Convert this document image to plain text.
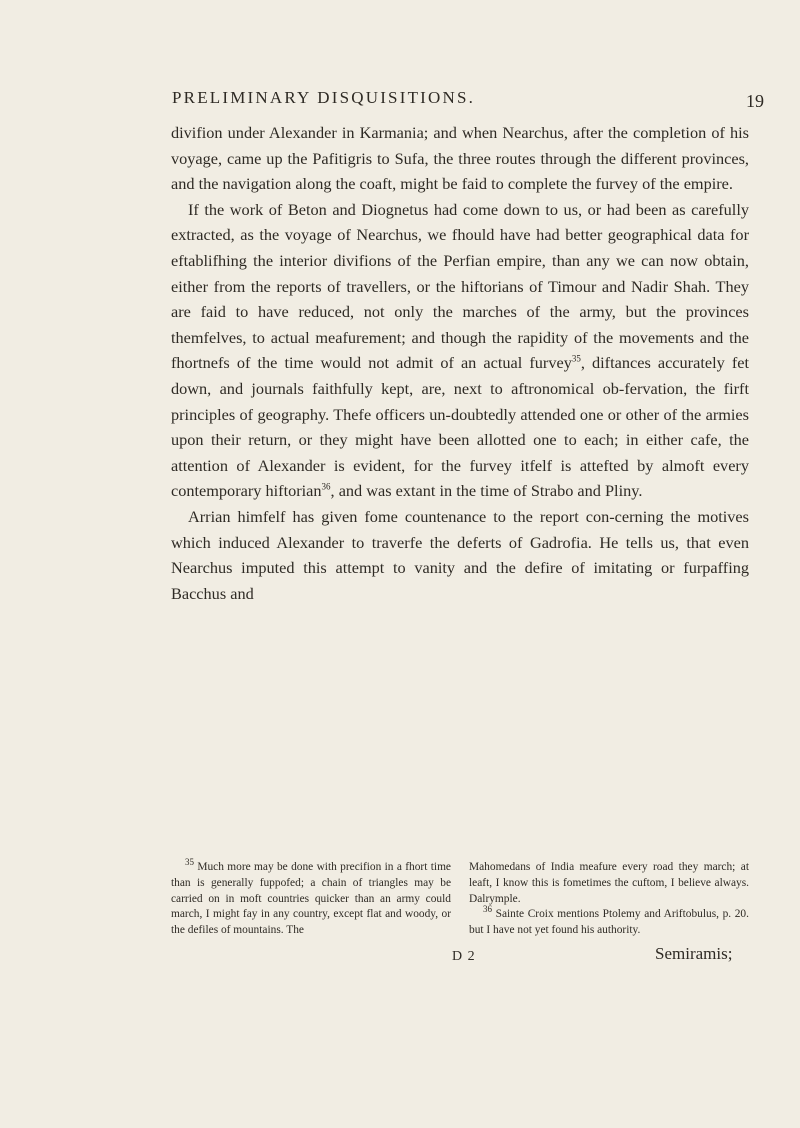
PRELIMINARY DISQUISITIONS.	19

divifion under Alexander in Karmania; and when Nearchus, after the completion of his voyage, came up the Pafitigris to Sufa, the three routes through the different provinces, and the navigation along the coaft, might be faid to complete the furvey of the empire.

If the work of Beton and Diognetus had come down to us, or had been as carefully extracted, as the voyage of Nearchus, we fhould have had better geographical data for eftablifhing the interior divifions of the Perfian empire, than any we can now obtain, either from the reports of travellers, or the hiftorians of Timour and Nadir Shah. They are faid to have reduced, not only the marches of the army, but the provinces themfelves, to actual meafurement; and though the rapidity of the movements and the fhortnefs of the time would not admit of an actual furvey$^{35}$, diftances accurately fet down, and journals faithfully kept, are, next to aftronomical ob-fervation, the firft principles of geography. Thefe officers un-doubtedly attended one or other of the armies upon their return, or they might have been allotted one to each; in either cafe, the attention of Alexander is evident, for the furvey itfelf is attefted by almoft every contemporary hiftorian$^{36}$, and was extant in the time of Strabo and Pliny.

Arrian himfelf has given fome countenance to the report con-cerning the motives which induced Alexander to traverfe the deferts of Gadrofia. He tells us, that even Nearchus imputed this attempt to vanity and the defire of imitating or furpaffing Bacchus and

$^{35}$ Much more may be done with precifion in a fhort time than is generally fuppofed; a chain of triangles may be carried on in moft countries quicker than an army could march, I might fay in any country, except flat and woody, or the defiles of mountains. The

Mahomedans of India meafure every road they march; at leaft, I know this is fometimes the cuftom, I believe always. Dalrymple.

$^{36}$ Sainte Croix mentions Ptolemy and Ariftobulus, p. 20. but I have not yet found his authority.

D 2	Semiramis;
